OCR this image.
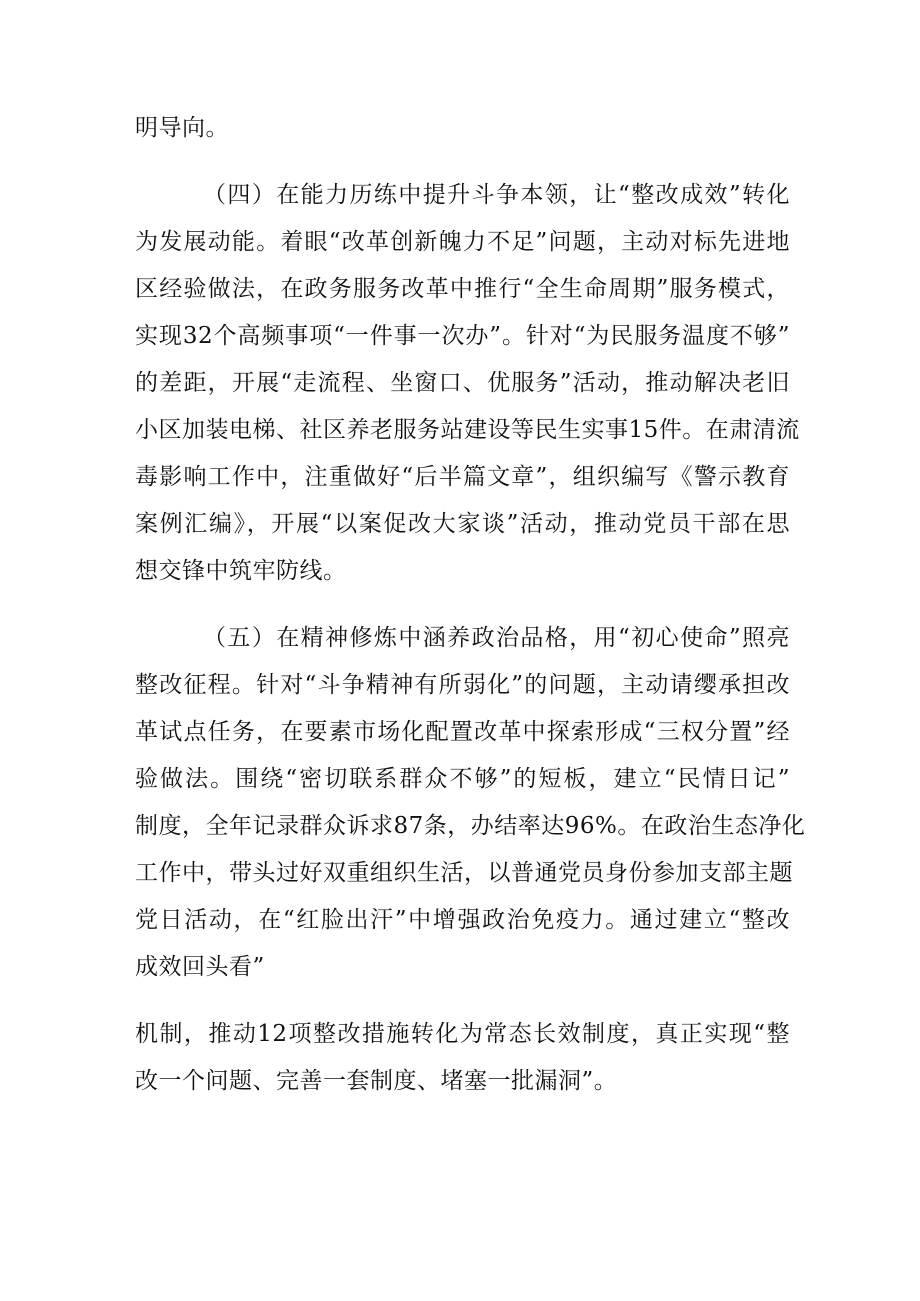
明导向。
（四）在能力历练中提升斗争本领，让“整改成效”转化
为发展动能。着眼“改革创新魄力不足”问题，主动对标先进地
区经验做法，在政务服务改革中推行“全生命周期”服务模式，
实现32个高频事项“一件事一次办”。针对“为民服务温度不够”
的差距，开展“走流程、坐窗口、优服务”活动，推动解决老旧
小区加装电梯、社区养老服务站建设等民生实事15件。在肃清流
毒影响工作中，注重做好“后半篇文章”，组织编写《警示教育
案例汇编》，开展“以案促改大家谈”活动，推动党员干部在思
想交锋中筑牢防线。
（五）在精神修炼中涵养政治品格，用“初心使命”照亮
整改征程。针对“斗争精神有所弱化”的问题，主动请缨承担改
革试点任务，在要素市场化配置改革中探索形成“三权分置”经
验做法。围绕“密切联系群众不够”的短板，建立“民情日记”
制度，全年记录群众诉求87条，办结率达96%。在政治生态净化
工作中，带头过好双重组织生活，以普通党员身份参加支部主题
党日活动，在“红脸出汗”中增强政治免疫力。通过建立“整改
成效回头看”
机制，推动12项整改措施转化为常态长效制度，真正实现“整
改一个问题、完善一套制度、堵塞一批漏洞”。
